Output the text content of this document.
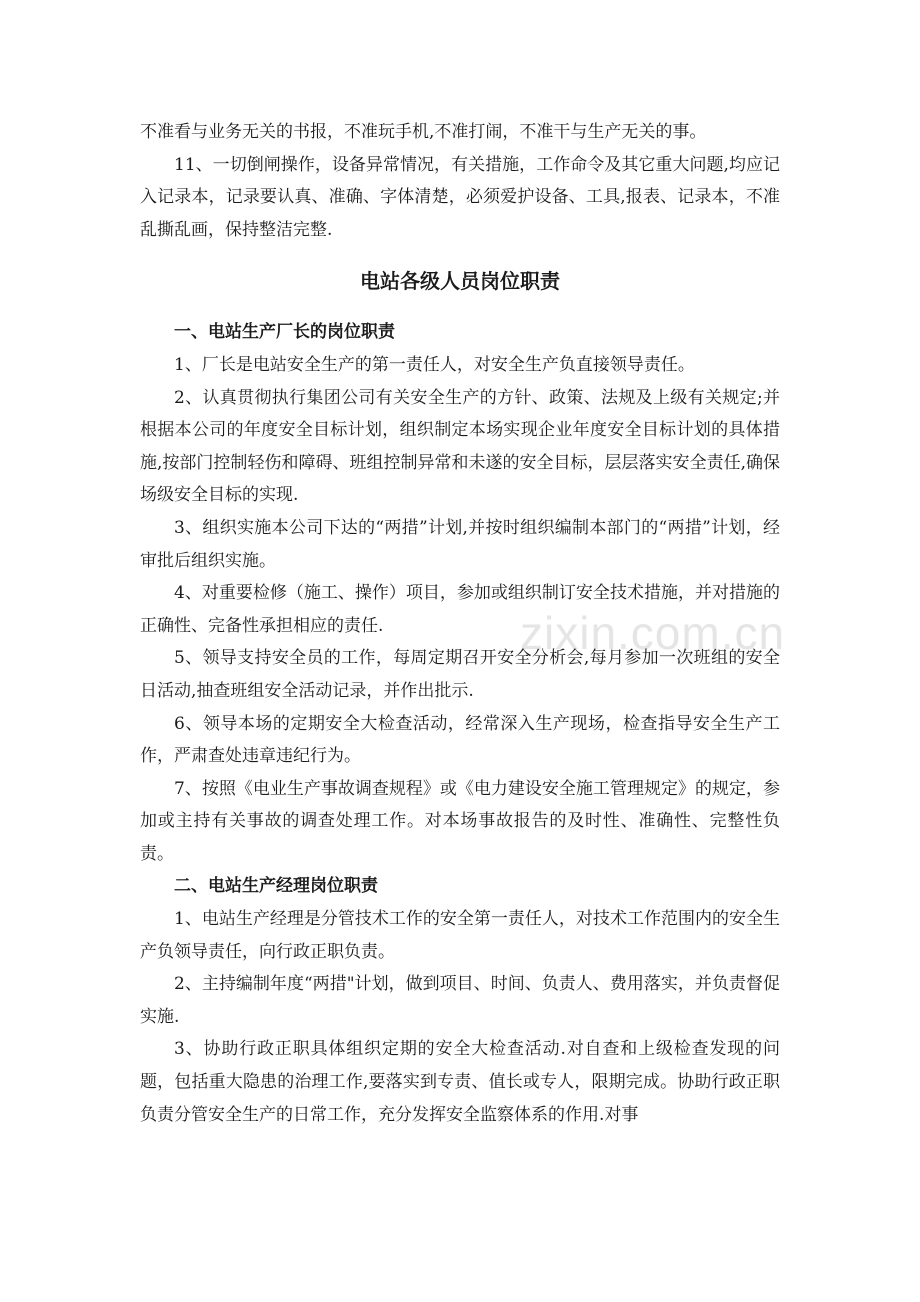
不准看与业务无关的书报，不准玩手机,不准打闹，不准干与生产无关的事。

11、一切倒闸操作，设备异常情况，有关措施，工作命令及其它重大问题,均应记入记录本，记录要认真、准确、字体清楚，必须爱护设备、工具,报表、记录本，不准乱撕乱画，保持整洁完整.

电站各级人员岗位职责

一、电站生产厂长的岗位职责

1、厂长是电站安全生产的第一责任人，对安全生产负直接领导责任。

2、认真贯彻执行集团公司有关安全生产的方针、政策、法规及上级有关规定;并根据本公司的年度安全目标计划，组织制定本场实现企业年度安全目标计划的具体措施,按部门控制轻伤和障碍、班组控制异常和未遂的安全目标，层层落实安全责任,确保场级安全目标的实现.

3、组织实施本公司下达的“两措”计划,并按时组织编制本部门的“两措”计划，经审批后组织实施。

4、对重要检修（施工、操作）项目，参加或组织制订安全技术措施，并对措施的正确性、完备性承担相应的责任.

5、领导支持安全员的工作，每周定期召开安全分析会,每月参加一次班组的安全日活动,抽查班组安全活动记录，并作出批示.

6、领导本场的定期安全大检查活动，经常深入生产现场，检查指导安全生产工作，严肃查处违章违纪行为。

7、按照《电业生产事故调查规程》或《电力建设安全施工管理规定》的规定，参加或主持有关事故的调查处理工作。对本场事故报告的及时性、准确性、完整性负责。

二、电站生产经理岗位职责

1、电站生产经理是分管技术工作的安全第一责任人，对技术工作范围内的安全生产负领导责任，向行政正职负责。

2、主持编制年度“两措"计划，做到项目、时间、负责人、费用落实，并负责督促实施.

3、协助行政正职具体组织定期的安全大检查活动.对自查和上级检查发现的问题，包括重大隐患的治理工作,要落实到专责、值长或专人，限期完成。协助行政正职负责分管安全生产的日常工作，充分发挥安全监察体系的作用.对事

zixin.com.cn
